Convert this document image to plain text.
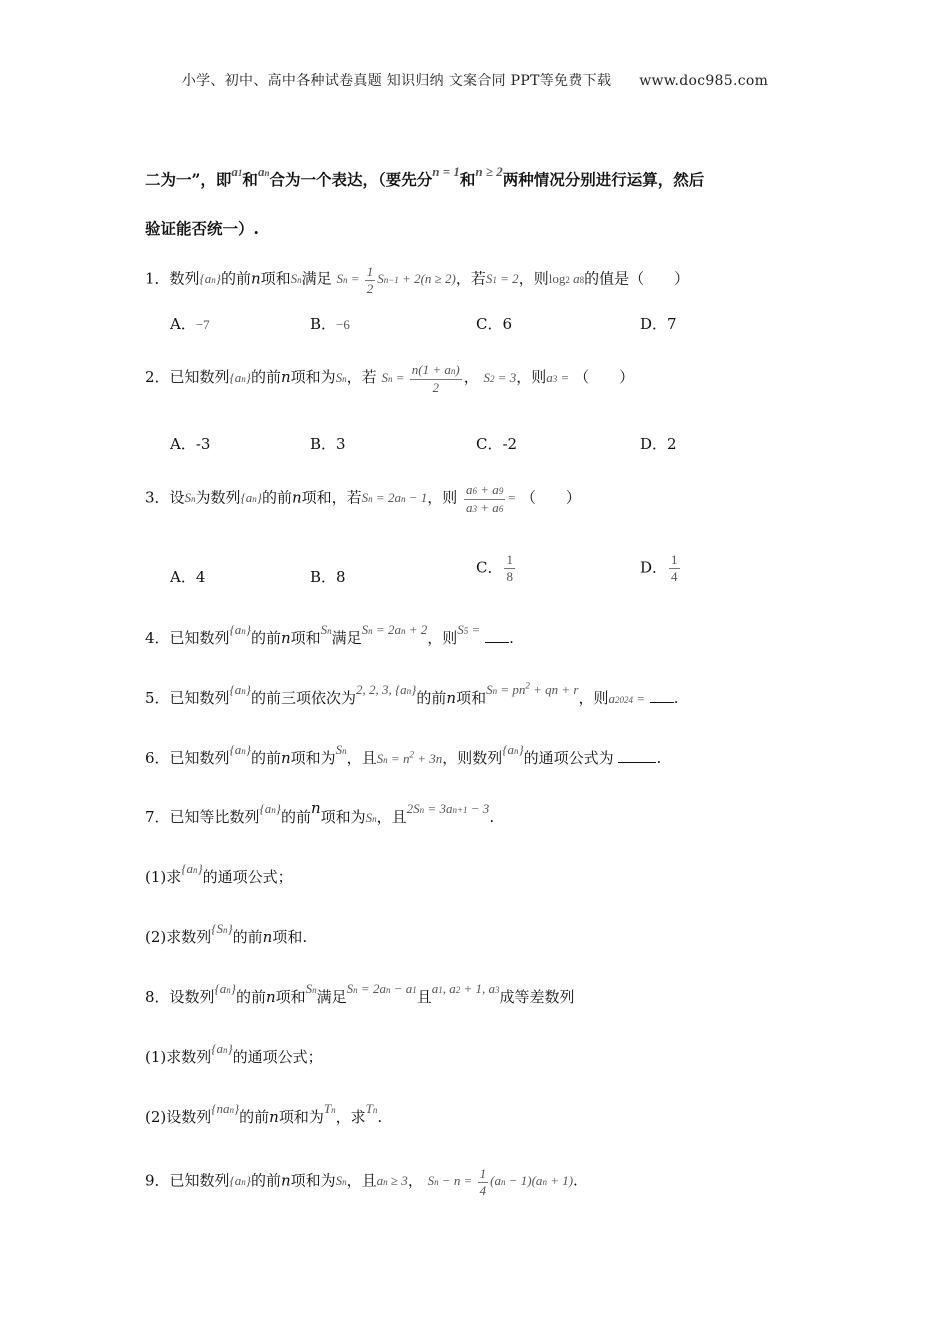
小学、初中、高中各种试卷真题 知识归纳 文案合同 PPT等免费下载 www.doc985.com
二为一”，即$^{a1}$和$^{an}$合为一个表达，（要先分$^{n = 1}$和$^{n \ge 2}$两种情况分别进行运算，然后
验证能否统一）.
1．数列{an}的前n项和Sn满足 $Sn = \frac{1}{2} Sn-1 + 2(n \ge 2)$，若S1 = 2，则log2 a8的值是（　　）
A．−7	B．−6	C．6	D．7
2．已知数列{an}的前n项和为Sn，若 $Sn = \frac{n(1 + an)}{2}$ ， S2 = 3，则a3 = （　　）
A．-3	B．3	C．-2	D．2
3．设Sn为数列{an}的前n项和，若Sn = 2an − 1，则 $\frac{a6 + a9}{a3 + a6}$ = （　　）
A．4	B．8
C． $\frac{1}{8}$	D． $\frac{1}{4}$
4．已知数列{an}的前n项和Sn满足Sn = 2an + 2，则S5 = .
5．已知数列{an}的前三项依次为2, 2, 3, {an}的前n项和$Sn = pn^2$ + qn + r，则a2024 = .
6．已知数列{an}的前n项和为Sn，且$Sn = n^2 + 3n$，则数列{an}的通项公式为	.
7．已知等比数列{an}的前n项和为Sn，且2Sn = 3an+1 − 3.
(1)求{an}的通项公式；
(2)求数列{Sn}的前n项和.
8．设数列{an}的前n项和Sn满足Sn = 2an − a1且a1, a2 + 1, a3成等差数列
(1)求数列{an}的通项公式；
(2)设数列{nan}的前n项和为Tn，求Tn.
9．已知数列{an}的前n项和为Sn，且an ≥ 3， $Sn - n = \frac{1}{4} (an - 1)(an + 1)$.
